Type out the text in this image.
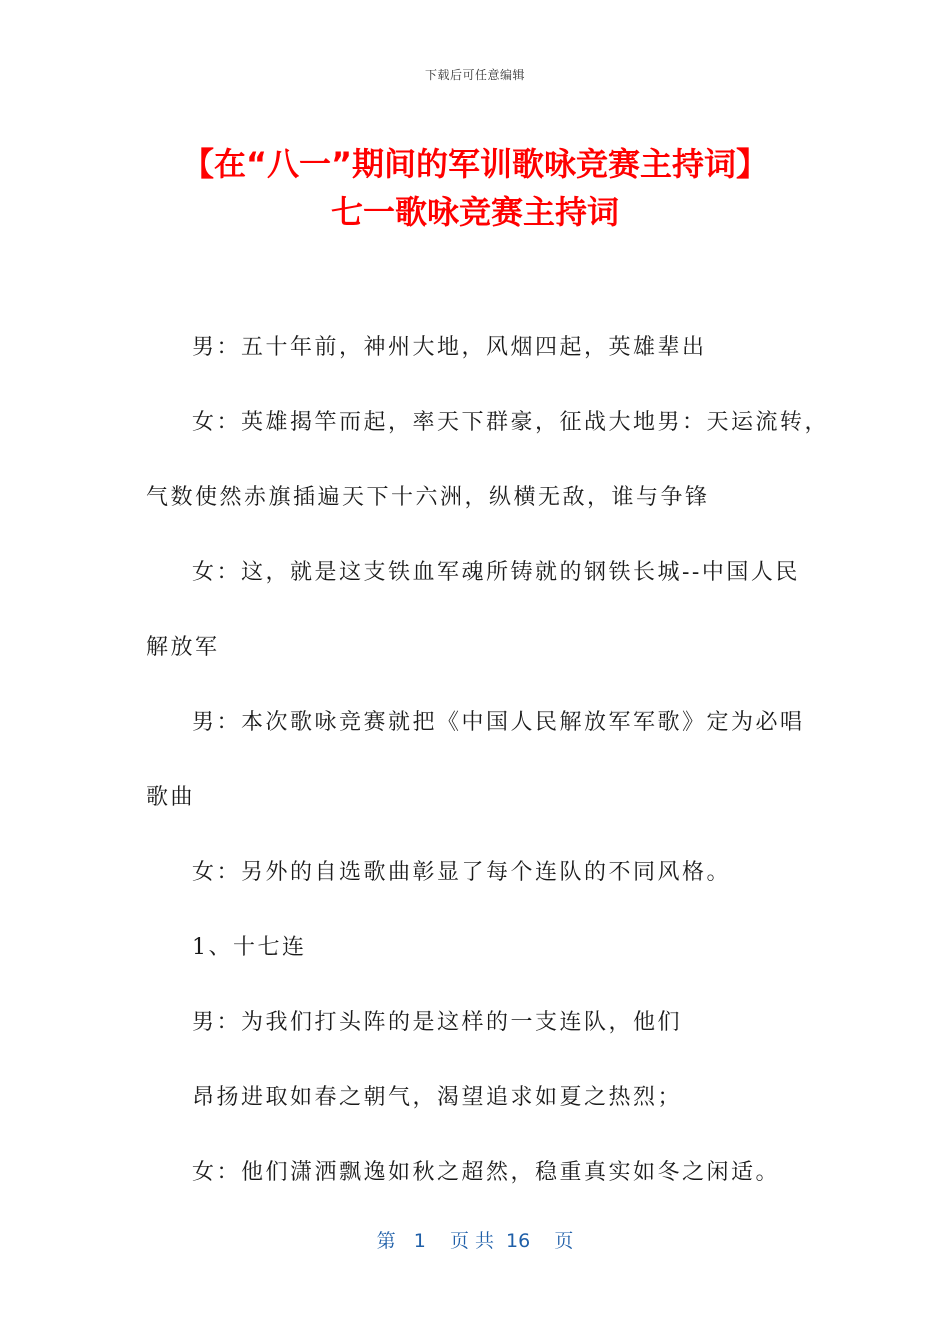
下载后可任意编辑
【在“八一”期间的军训歌咏竞赛主持词】
七一歌咏竞赛主持词
男：五十年前，神州大地，风烟四起，英雄辈出
女：英雄揭竿而起，率天下群豪，征战大地男：天运流转，
气数使然赤旗插遍天下十六洲，纵横无敌，谁与争锋
女：这，就是这支铁血军魂所铸就的钢铁长城--中国人民
解放军
男：本次歌咏竞赛就把《中国人民解放军军歌》定为必唱
歌曲
女：另外的自选歌曲彰显了每个连队的不同风格。
1、十七连
男：为我们打头阵的是这样的一支连队，他们
昂扬进取如春之朝气，渴望追求如夏之热烈；
女：他们潇洒飘逸如秋之超然，稳重真实如冬之闲适。
第   1    页 共  16    页
